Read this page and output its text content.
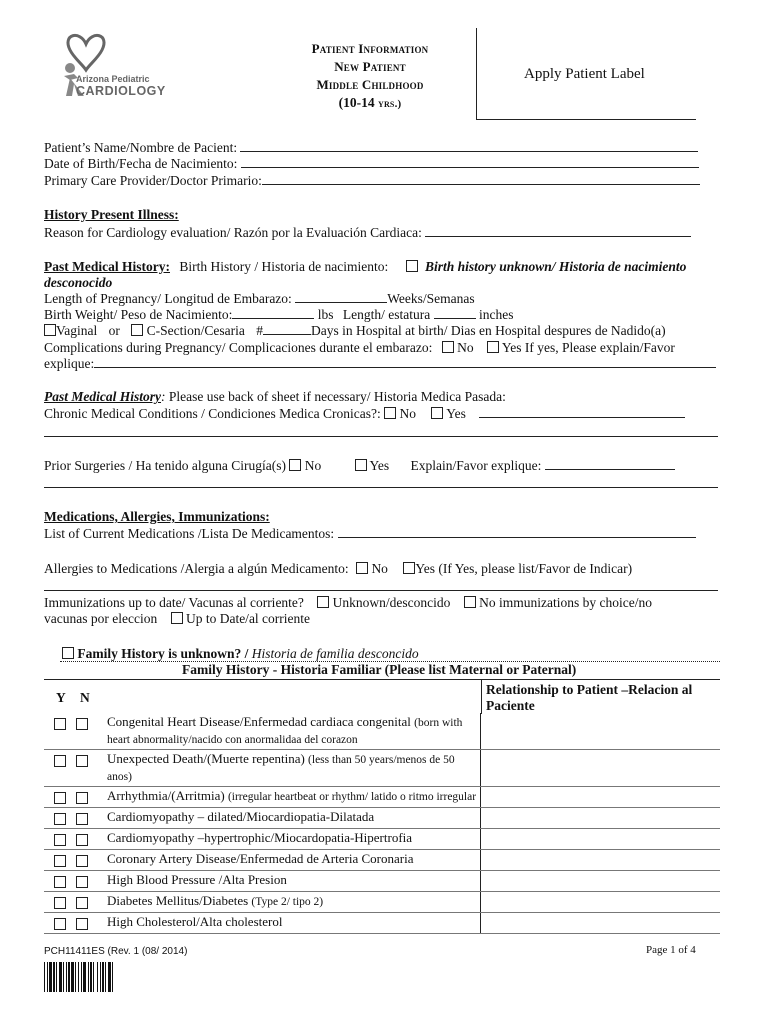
Arizona Pediatric
CARDIOLOGY
Patient Information
New Patient
Middle Childhood
(10-14 yrs.)
Apply Patient Label
Patient’s Name/Nombre de Pacient:
Date of Birth/Fecha de Nacimiento:
Primary Care Provider/Doctor Primario:
History Present Illness:
Reason for Cardiology evaluation/ Razón por la Evaluación Cardiaca:
Past Medical History: Birth History / Historia de nacimiento:	Birth history unknown/ Historia de nacimiento
desconocido
Length of Pregnancy/ Longitud de Embarazo:	Weeks/Semanas
Birth Weight/ Peso de Nacimiento:	lbs Length/ estatura	inches
Vaginal or C-Section/Cesaria #	Days in Hospital at birth/ Dias en Hospital despures de Nadido(a)
Complications during Pregnancy/ Complicaciones durante el embarazo: No Yes If yes, Please explain/Favor
explique:
Past Medical History: Please use back of sheet if necessary/ Historia Medica Pasada:
Chronic Medical Conditions / Condiciones Medica Cronicas?: No Yes
Prior Surgeries / Ha tenido alguna Cirugía(s) No	Yes Explain/Favor explique:
Medications, Allergies, Immunizations:
List of Current Medications /Lista De Medicamentos:
Allergies to Medications /Alergia a algún Medicamento: No Yes (If Yes, please list/Favor de Indicar)
Immunizations up to date/ Vacunas al corriente? Unknown/desconcido No immunizations by choice/no
vacunas por eleccion Up to Date/al corriente
Family History is unknown? / Historia de familia desconcido
Family History - Historia Familiar (Please list Maternal or Paternal)
Y N
Relationship to Patient –Relacion al Paciente
	Congenital Heart Disease/Enfermedad cardiaca congenital (born with heart abnormality/nacido con anormalidaa del corazon	
	Unexpected Death/(Muerte repentina) (less than 50 years/menos de 50 anos)	
	Arrhythmia/(Arritmia) (irregular heartbeat or rhythm/ latido o ritmo irregular	
	Cardiomyopathy – dilated/Miocardiopatia-Dilatada	
	Cardiomyopathy –hypertrophic/Miocardopatia-Hipertrofia	
	Coronary Artery Disease/Enfermedad de Arteria Coronaria	
	High Blood Pressure /Alta Presion	
	Diabetes Mellitus/Diabetes (Type 2/ tipo 2)	
	High Cholesterol/Alta cholesterol	
PCH11411ES (Rev. 1 (08/ 2014)	Page 1 of 4
